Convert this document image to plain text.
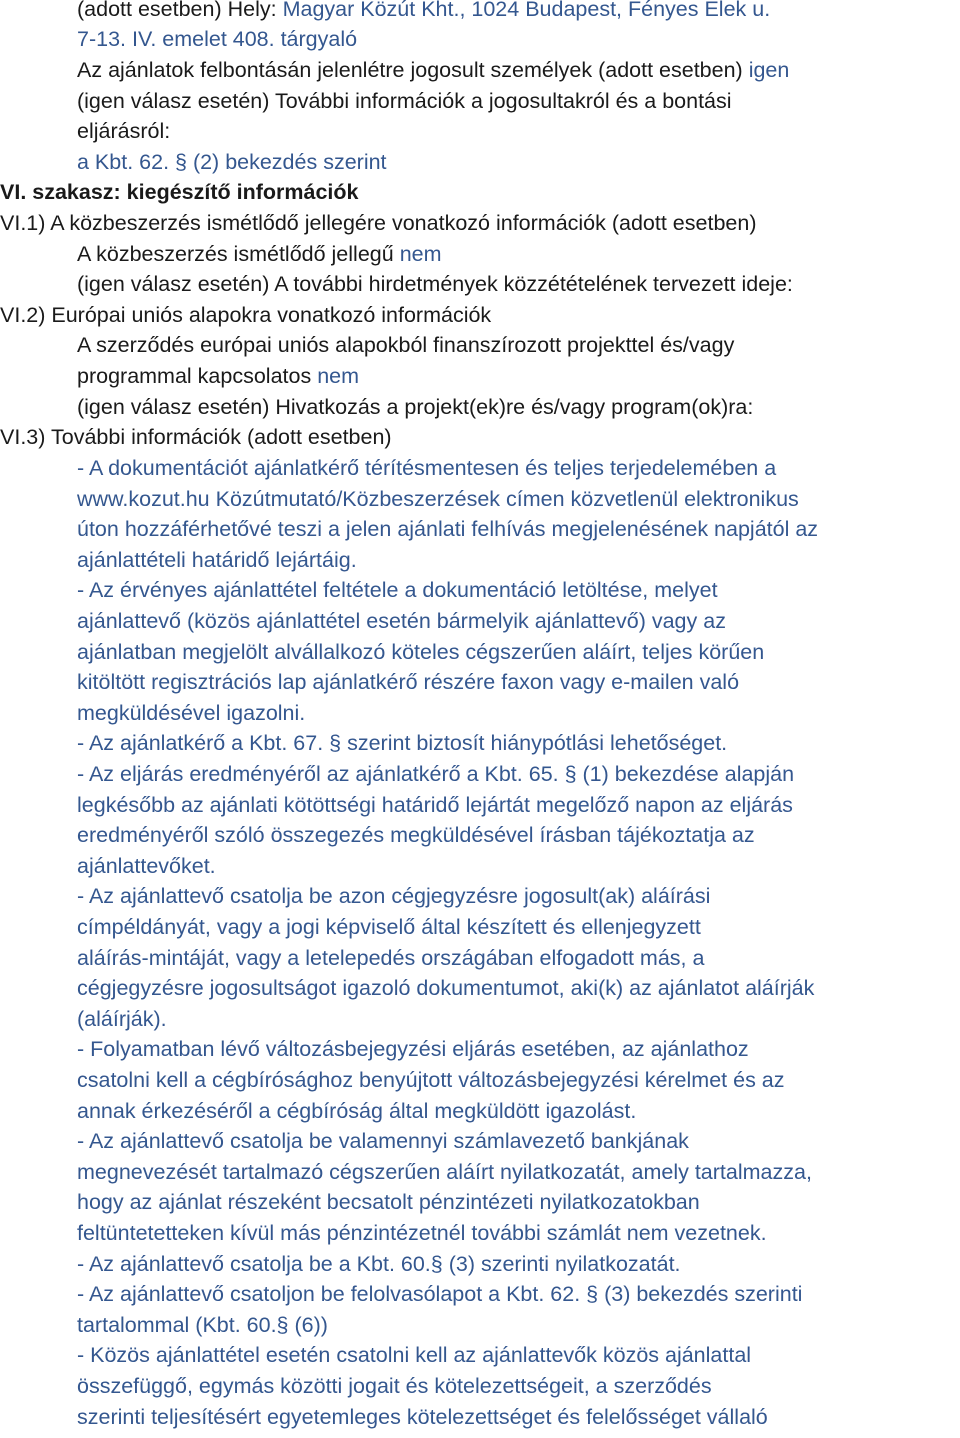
(adott esetben) Hely: Magyar Közút Kht., 1024 Budapest, Fényes Elek u.
7-13. IV. emelet 408. tárgyaló
Az ajánlatok felbontásán jelenlétre jogosult személyek (adott esetben) igen
(igen válasz esetén) További információk a jogosultakról és a bontási
eljárásról:
a Kbt. 62. § (2) bekezdés szerint
VI. szakasz: kiegészítő információk
VI.1) A közbeszerzés ismétlődő jellegére vonatkozó információk (adott esetben)
A közbeszerzés ismétlődő jellegű nem
(igen válasz esetén) A további hirdetmények közzétételének tervezett ideje:
VI.2) Európai uniós alapokra vonatkozó információk
A szerződés európai uniós alapokból finanszírozott projekttel és/vagy
programmal kapcsolatos nem
(igen válasz esetén) Hivatkozás a projekt(ek)re és/vagy program(ok)ra:
VI.3) További információk (adott esetben)
- A dokumentációt ajánlatkérő térítésmentesen és teljes terjedelemében a
www.kozut.hu Közútmutató/Közbeszerzések címen közvetlenül elektronikus
úton hozzáférhetővé teszi a jelen ajánlati felhívás megjelenésének napjától az
ajánlattételi határidő lejártáig.
- Az érvényes ajánlattétel feltétele a dokumentáció letöltése, melyet
ajánlattevő (közös ajánlattétel esetén bármelyik ajánlattevő) vagy az
ajánlatban megjelölt alvállalkozó köteles cégszerűen aláírt, teljes körűen
kitöltött regisztrációs lap ajánlatkérő részére faxon vagy e-mailen való
megküldésével igazolni.
- Az ajánlatkérő a Kbt. 67. § szerint biztosít hiánypótlási lehetőséget.
- Az eljárás eredményéről az ajánlatkérő a Kbt. 65. § (1) bekezdése alapján
legkésőbb az ajánlati kötöttségi határidő lejártát megelőző napon az eljárás
eredményéről szóló összegezés megküldésével írásban tájékoztatja az
ajánlattevőket.
- Az ajánlattevő csatolja be azon cégjegyzésre jogosult(ak) aláírási
címpéldányát, vagy a jogi képviselő által készített és ellenjegyzett
aláírás-mintáját, vagy a letelepedés országában elfogadott más, a
cégjegyzésre jogosultságot igazoló dokumentumot, aki(k) az ajánlatot aláírják
(aláírják).
- Folyamatban lévő változásbejegyzési eljárás esetében, az ajánlathoz
csatolni kell a cégbírósághoz benyújtott változásbejegyzési kérelmet és az
annak érkezéséről a cégbíróság által megküldött igazolást.
- Az ajánlattevő csatolja be valamennyi számlavezető bankjának
megnevezését tartalmazó cégszerűen aláírt nyilatkozatát, amely tartalmazza,
hogy az ajánlat részeként becsatolt pénzintézeti nyilatkozatokban
feltüntetetteken kívül más pénzintézetnél további számlát nem vezetnek.
- Az ajánlattevő csatolja be a Kbt. 60.§ (3) szerinti nyilatkozatát.
- Az ajánlattevő csatoljon be felolvasólapot a Kbt. 62. § (3) bekezdés szerinti
tartalommal (Kbt. 60.§ (6))
- Közös ajánlattétel esetén csatolni kell az ajánlattevők közös ajánlattal
összefüggő, egymás közötti jogait és kötelezettségeit, a szerződés
szerinti teljesítésért egyetemleges kötelezettséget és felelősséget vállaló
